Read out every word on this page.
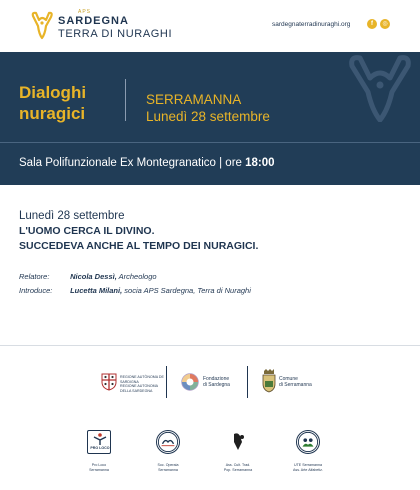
APS
SARDEGNA
TERRA DI NURAGHI
sardegnaterradinuraghi.org	f	◎
Dialoghi
nuragici
SERRAMANNA
Lunedì 28 settembre
Sala Polifunzionale Ex Montegranatico | ore 18:00
Lunedì 28 settembre
L'UOMO CERCA IL DIVINO.
SUCCEDEVA ANCHE AL TEMPO DEI NURAGICI.
Relatore:	Nicola Dessì, Archeologo
Introduce: Lucetta Milani, socia APS Sardegna, Terra di Nuraghi
REGIONE AUTÒNOMA DE SARDIGNA
REGIONE AUTONOMA DELLA SARDEGNA
Fondazione
di Sardegna
Comune
di Serramanna
PRO LOCO
Pro Loco
Serramanna
Soc. Operaia
Serramanna
Ass. Cult. Trad.
Pop. Serramanna
UTE Serramanna
Ass. Arte Alfabetiz.
